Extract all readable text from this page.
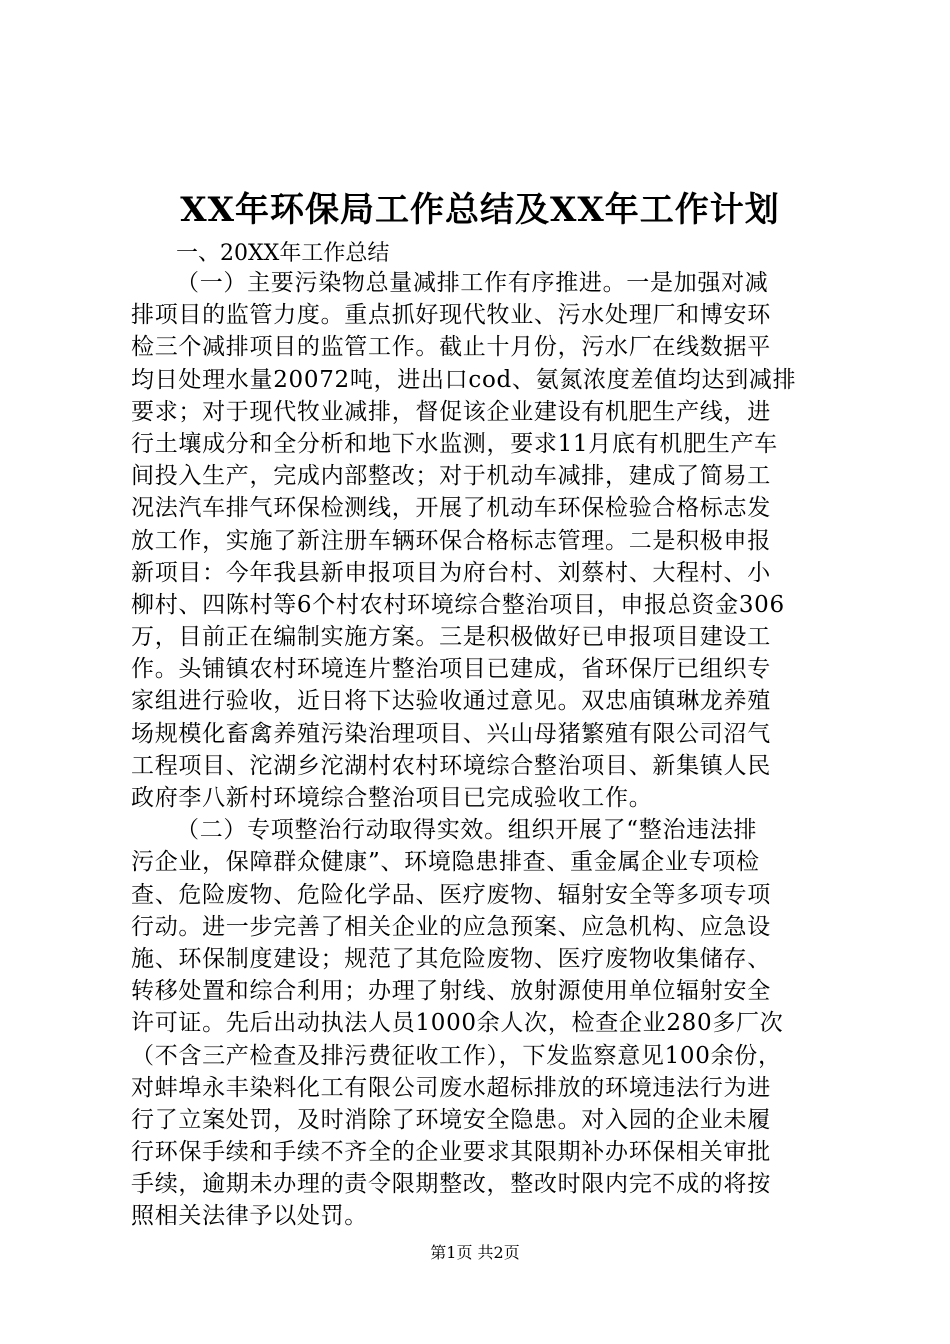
XX年环保局工作总结及XX年工作计划
一、20XX年工作总结
（一）主要污染物总量减排工作有序推进。一是加强对减
排项目的监管力度。重点抓好现代牧业、污水处理厂和博安环
检三个减排项目的监管工作。截止十月份，污水厂在线数据平
均日处理水量20072吨，进出口cod、氨氮浓度差值均达到减排
要求；对于现代牧业减排，督促该企业建设有机肥生产线，进
行土壤成分和全分析和地下水监测，要求11月底有机肥生产车
间投入生产，完成内部整改；对于机动车减排，建成了简易工
况法汽车排气环保检测线，开展了机动车环保检验合格标志发
放工作，实施了新注册车辆环保合格标志管理。二是积极申报
新项目：今年我县新申报项目为府台村、刘蔡村、大程村、小
柳村、四陈村等6个村农村环境综合整治项目，申报总资金306
万，目前正在编制实施方案。三是积极做好已申报项目建设工
作。头铺镇农村环境连片整治项目已建成，省环保厅已组织专
家组进行验收，近日将下达验收通过意见。双忠庙镇琳龙养殖
场规模化畜禽养殖污染治理项目、兴山母猪繁殖有限公司沼气
工程项目、沱湖乡沱湖村农村环境综合整治项目、新集镇人民
政府李八新村环境综合整治项目已完成验收工作。
（二）专项整治行动取得实效。组织开展了“整治违法排
污企业，保障群众健康”、环境隐患排查、重金属企业专项检
查、危险废物、危险化学品、医疗废物、辐射安全等多项专项
行动。进一步完善了相关企业的应急预案、应急机构、应急设
施、环保制度建设；规范了其危险废物、医疗废物收集储存、
转移处置和综合利用；办理了射线、放射源使用单位辐射安全
许可证。先后出动执法人员1000余人次，检查企业280多厂次
（不含三产检查及排污费征收工作），下发监察意见100余份，
对蚌埠永丰染料化工有限公司废水超标排放的环境违法行为进
行了立案处罚，及时消除了环境安全隐患。对入园的企业未履
行环保手续和手续不齐全的企业要求其限期补办环保相关审批
手续，逾期未办理的责令限期整改，整改时限内完不成的将按
照相关法律予以处罚。
第1页 共2页
